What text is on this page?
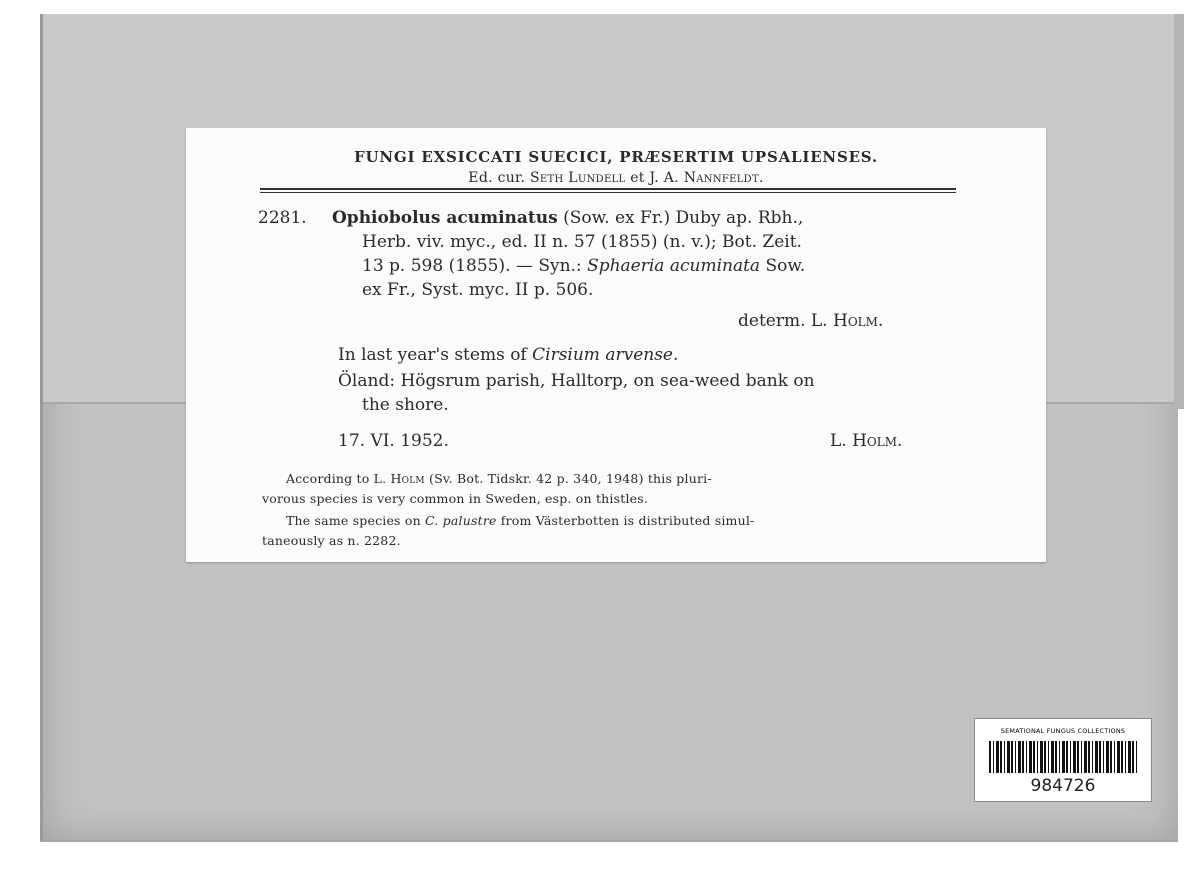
FUNGI EXSICCATI SUECICI, PRÆSERTIM UPSALIENSES.
Ed. cur. Seth Lundell et J. A. Nannfeldt.
2281. Ophiobolus acuminatus (Sow. ex Fr.) Duby ap. Rbh.,
Herb. viv. myc., ed. II n. 57 (1855) (n. v.); Bot. Zeit.
13 p. 598 (1855). — Syn.: Sphaeria acuminata Sow.
ex Fr., Syst. myc. II p. 506.
determ. L. Holm.
In last year's stems of Cirsium arvense.
Öland: Högsrum parish, Halltorp, on sea-weed bank on
the shore.
17. VI. 1952.	L. Holm.
According to L. Holm (Sv. Bot. Tidskr. 42 p. 340, 1948) this pluri-
vorous species is very common in Sweden, esp. on thistles.
The same species on C. palustre from Västerbotten is distributed simul-
taneously as n. 2282.
SEMATIONAL FUNGUS COLLECTIONS
984726
